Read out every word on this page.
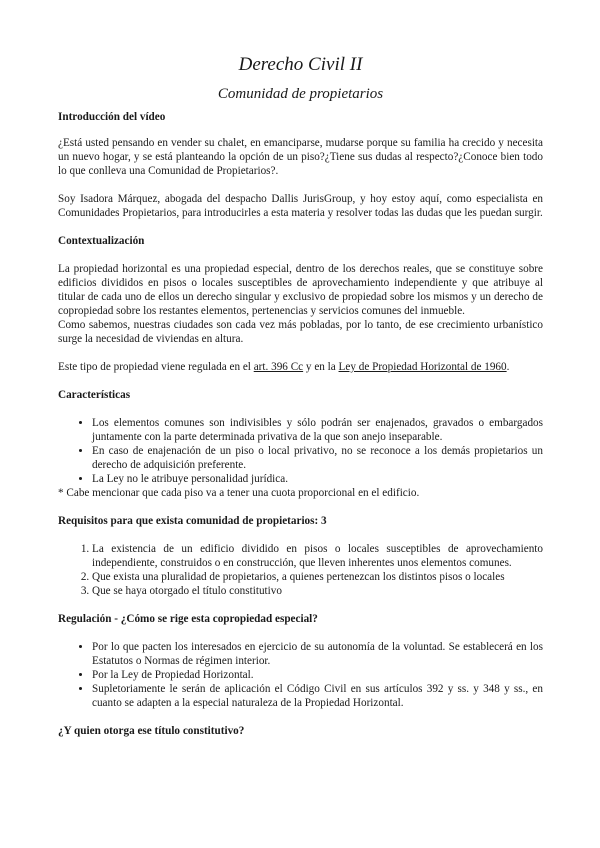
Derecho Civil II
Comunidad de propietarios
Introducción del vídeo

¿Está usted pensando en vender su chalet, en emanciparse, mudarse porque su familia ha crecido y necesita un nuevo hogar, y se está planteando la opción de un piso?¿Tiene sus dudas al respecto?¿Conoce bien todo lo que conlleva una Comunidad de Propietarios?.

Soy Isadora Márquez, abogada del despacho Dallis JurisGroup, y hoy estoy aquí, como especialista en Comunidades Propietarios, para introducirles a esta materia y resolver todas las dudas que les puedan surgir.

Contextualización

La propiedad horizontal es una propiedad especial, dentro de los derechos reales, que se constituye sobre edificios divididos en pisos o locales susceptibles de aprovechamiento independiente y que atribuye al titular de cada uno de ellos un derecho singular y exclusivo de propiedad sobre los mismos y un derecho de copropiedad sobre los restantes elementos, pertenencias y servicios comunes del inmueble.

Como sabemos, nuestras ciudades son cada vez más pobladas, por lo tanto, de ese crecimiento urbanístico surge la necesidad de viviendas en altura.

Este tipo de propiedad viene regulada en el art. 396 Cc y en la Ley de Propiedad Horizontal de 1960.

Características
• Los elementos comunes son indivisibles y sólo podrán ser enajenados, gravados o embargados juntamente con la parte determinada privativa de la que son anejo inseparable.
• En caso de enajenación de un piso o local privativo, no se reconoce a los demás propietarios un derecho de adquisición preferente.
• La Ley no le atribuye personalidad jurídica.

* Cabe mencionar que cada piso va a tener una cuota proporcional en el edificio.

Requisitos para que exista comunidad de propietarios: 3
1. La existencia de un edificio dividido en pisos o locales susceptibles de aprovechamiento independiente, construidos o en construcción, que lleven inherentes unos elementos comunes.
2. Que exista una pluralidad de propietarios, a quienes pertenezcan los distintos pisos o locales
3. Que se haya otorgado el título constitutivo
Regulación - ¿Cómo se rige esta copropiedad especial?
• Por lo que pacten los interesados en ejercicio de su autonomía de la voluntad. Se establecerá en los Estatutos o Normas de régimen interior.
• Por la Ley de Propiedad Horizontal.
• Supletoriamente le serán de aplicación el Código Civil en sus artículos 392 y ss. y 348 y ss., en cuanto se adapten a la especial naturaleza de la Propiedad Horizontal.
¿Y quien otorga ese título constitutivo?
